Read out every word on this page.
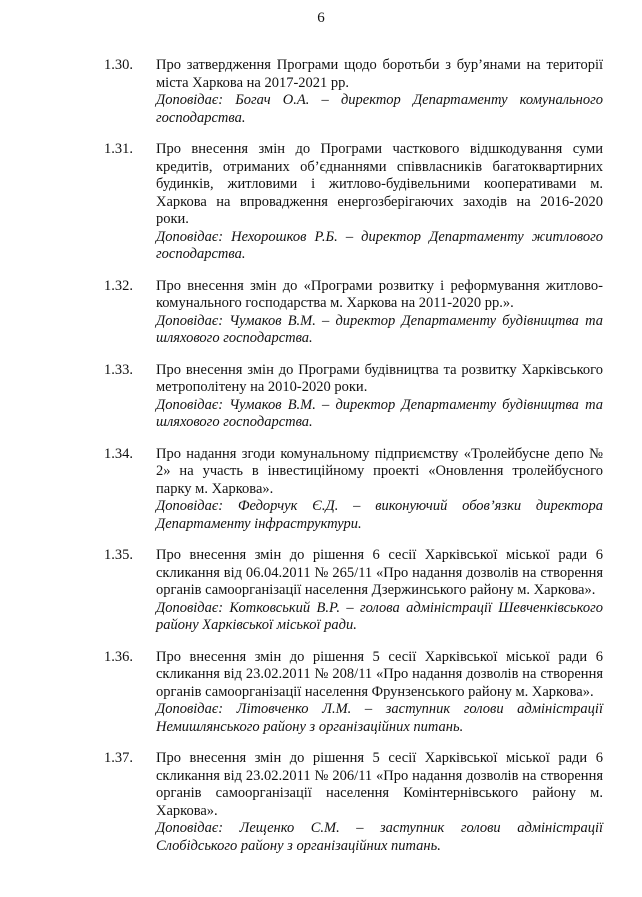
6
1.30. Про затвердження Програми щодо боротьби з бур’янами на території міста Харкова на 2017-2021 рр.
Доповідає: Богач О.А. – директор Департаменту комунального господарства.
1.31. Про внесення змін до Програми часткового відшкодування суми кредитів, отриманих об’єднаннями співвласників багатоквартирних будинків, житловими і житлово-будівельними кооперативами м. Харкова на впровадження енергозберігаючих заходів на 2016-2020 роки.
Доповідає: Нехорошков Р.Б. – директор Департаменту житлового господарства.
1.32. Про внесення змін до «Програми розвитку і реформування житлово-комунального господарства м. Харкова на 2011-2020 рр.».
Доповідає: Чумаков В.М. – директор Департаменту будівництва та шляхового господарства.
1.33. Про внесення змін до Програми будівництва та розвитку Харківського метрополітену на 2010-2020 роки.
Доповідає: Чумаков В.М. – директор Департаменту будівництва та шляхового господарства.
1.34. Про надання згоди комунальному підприємству «Тролейбусне депо № 2» на участь в інвестиційному проекті «Оновлення тролейбусного парку м. Харкова».
Доповідає: Федорчук Є.Д. – виконуючий обов’язки директора Департаменту інфраструктури.
1.35. Про внесення змін до рішення 6 сесії Харківської міської ради 6 скликання від 06.04.2011 № 265/11 «Про надання дозволів на створення органів самоорганізації населення Дзержинського району м. Харкова».
Доповідає: Котковський В.Р. – голова адміністрації Шевченківського району Харківської міської ради.
1.36. Про внесення змін до рішення 5 сесії Харківської міської ради 6 скликання від 23.02.2011 № 208/11 «Про надання дозволів на створення органів самоорганізації населення Фрунзенського району м. Харкова».
Доповідає: Літовченко Л.М. – заступник голови адміністрації Немишлянського району з організаційних питань.
1.37. Про внесення змін до рішення 5 сесії Харківської міської ради 6 скликання від 23.02.2011 № 206/11 «Про надання дозволів на створення органів самоорганізації населення Комінтернівського району м. Харкова».
Доповідає: Лещенко С.М. – заступник голови адміністрації Слобідського району з організаційних питань.
